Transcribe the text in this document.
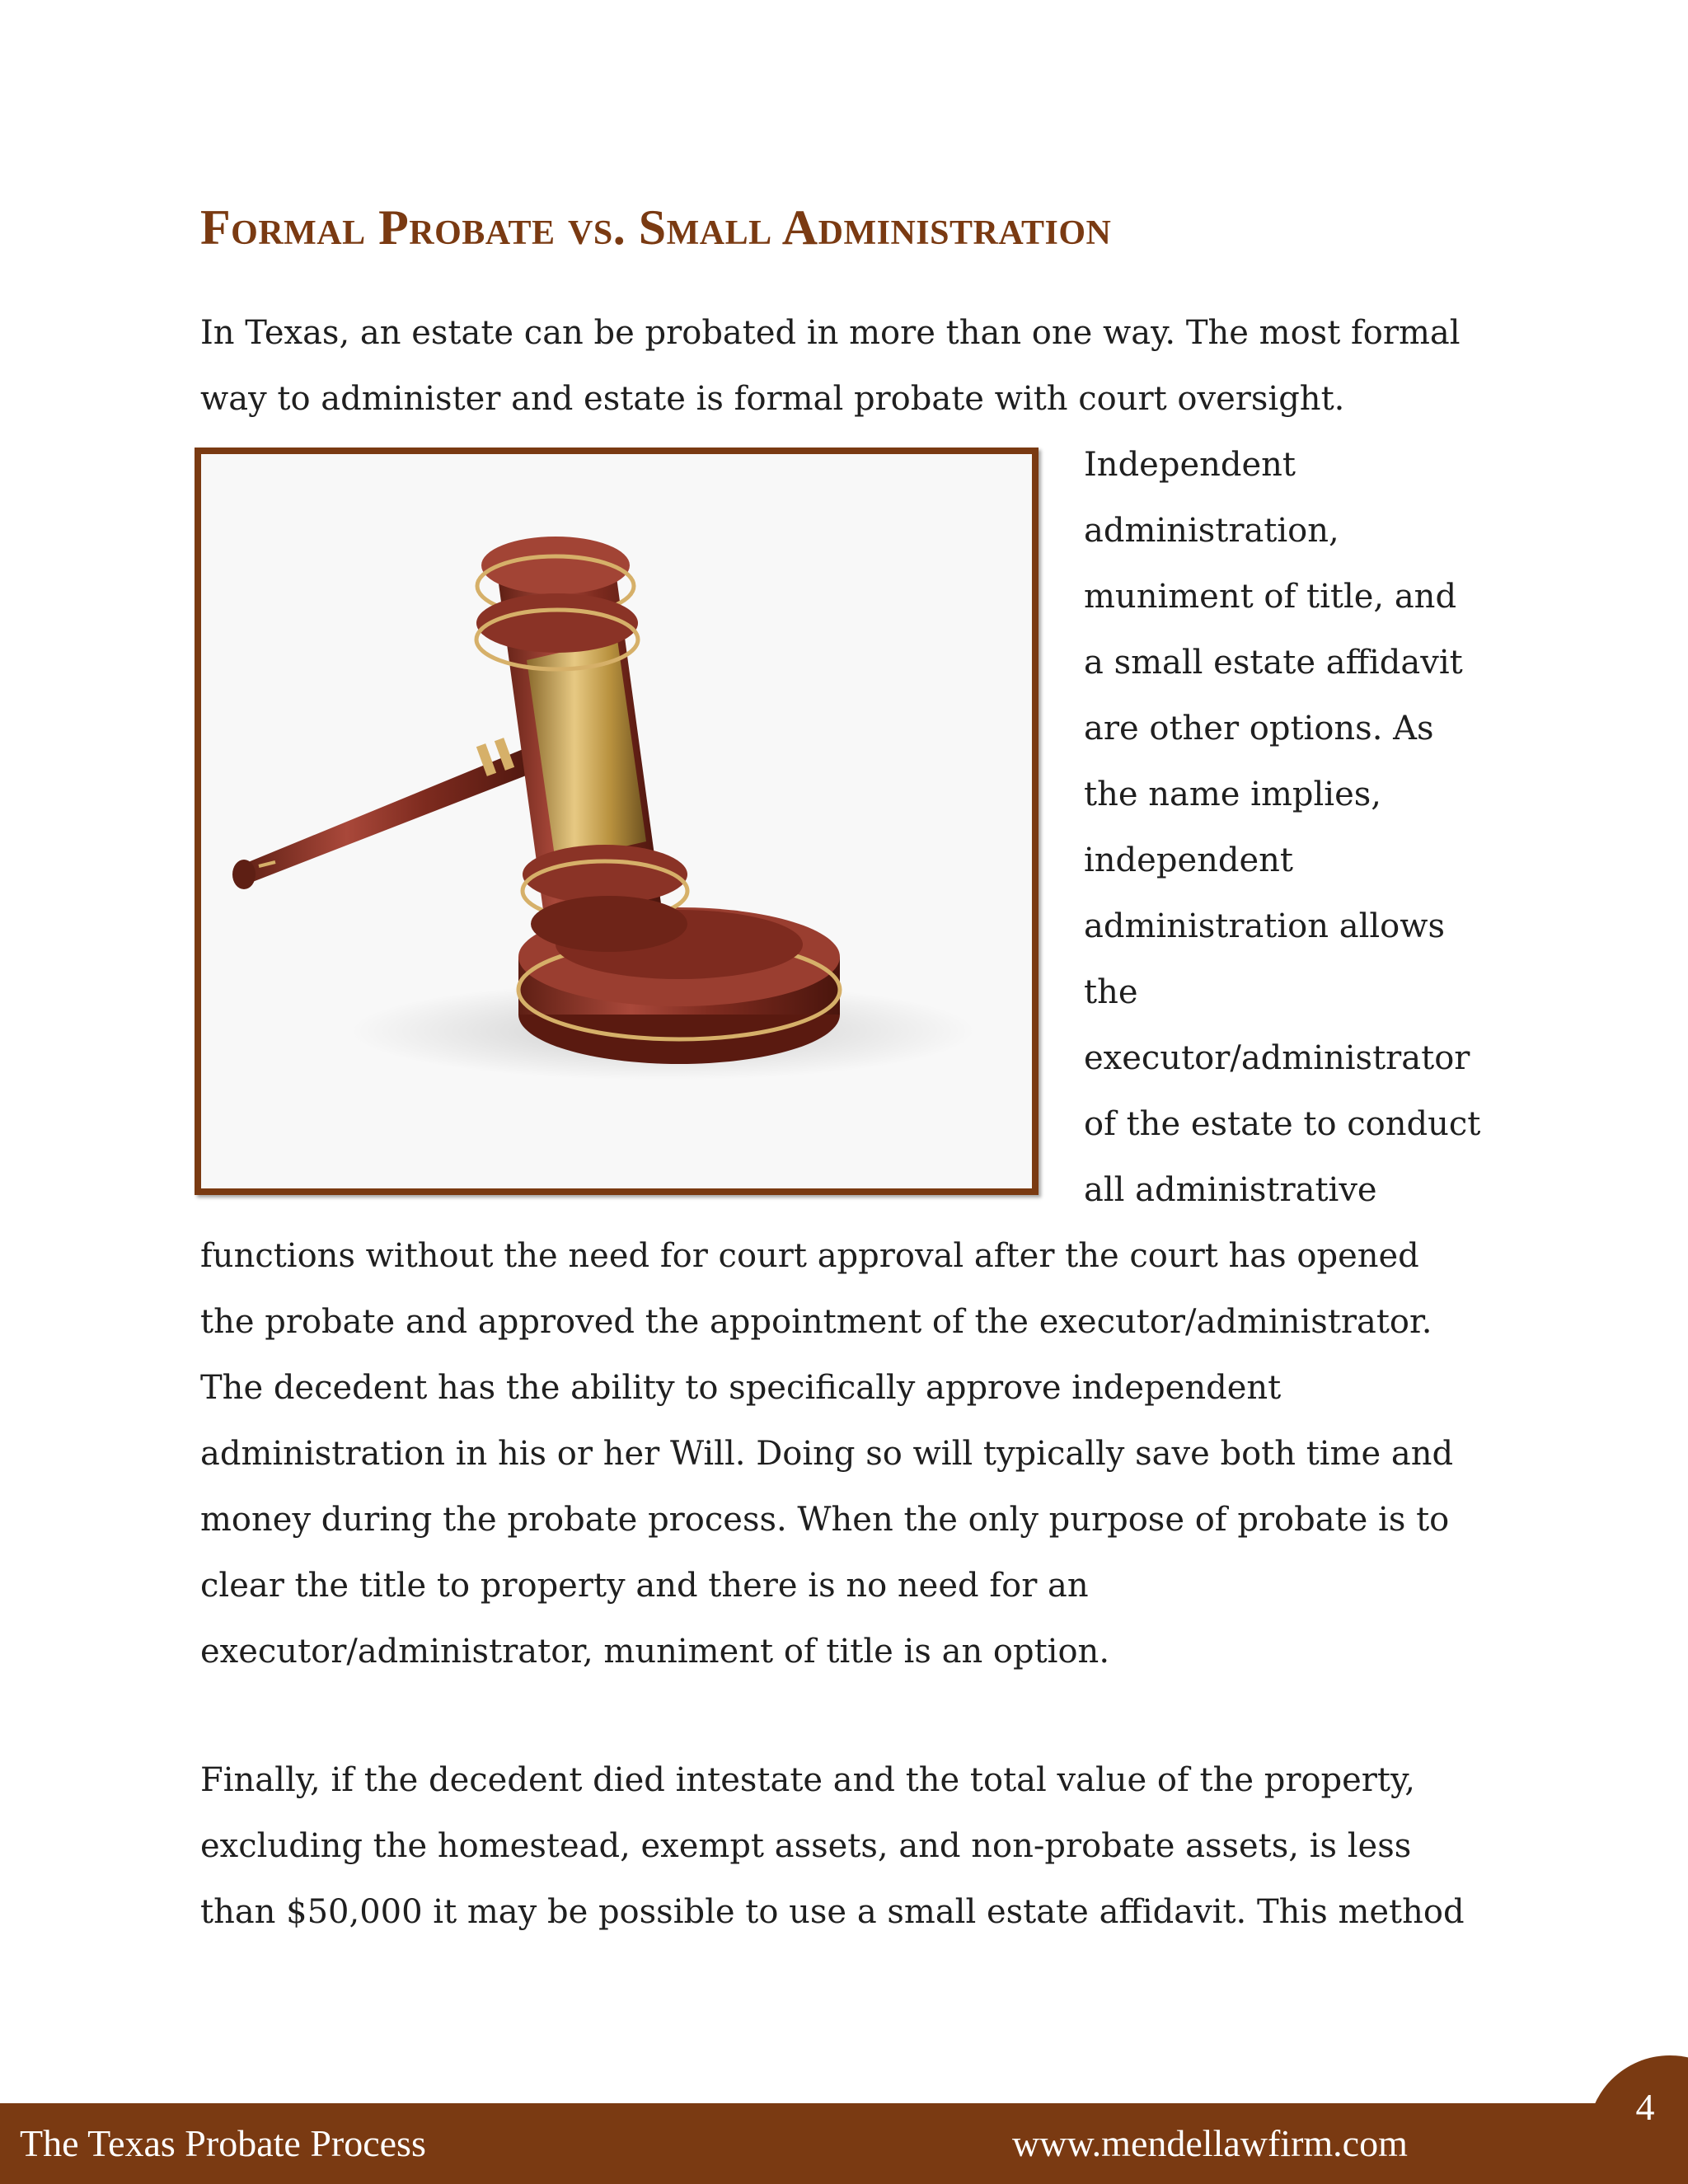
Formal Probate vs. Small Administration
In Texas, an estate can be probated in more than one way. The most formal
way to administer and estate is formal probate with court oversight.
Independent
administration,
muniment of title, and
a small estate affidavit
are other options. As
the name implies,
independent
administration allows
the
executor/administrator
of the estate to conduct
all administrative
functions without the need for court approval after the court has opened
the probate and approved the appointment of the executor/administrator.
The decedent has the ability to specifically approve independent
administration in his or her Will. Doing so will typically save both time and
money during the probate process. When the only purpose of probate is to
clear the title to property and there is no need for an
executor/administrator, muniment of title is an option.
Finally, if the decedent died intestate and the total value of the property,
excluding the homestead, exempt assets, and non-probate assets, is less
than $50,000 it may be possible to use a small estate affidavit. This method
The Texas Probate Process	www.mendellawfirm.com
4
